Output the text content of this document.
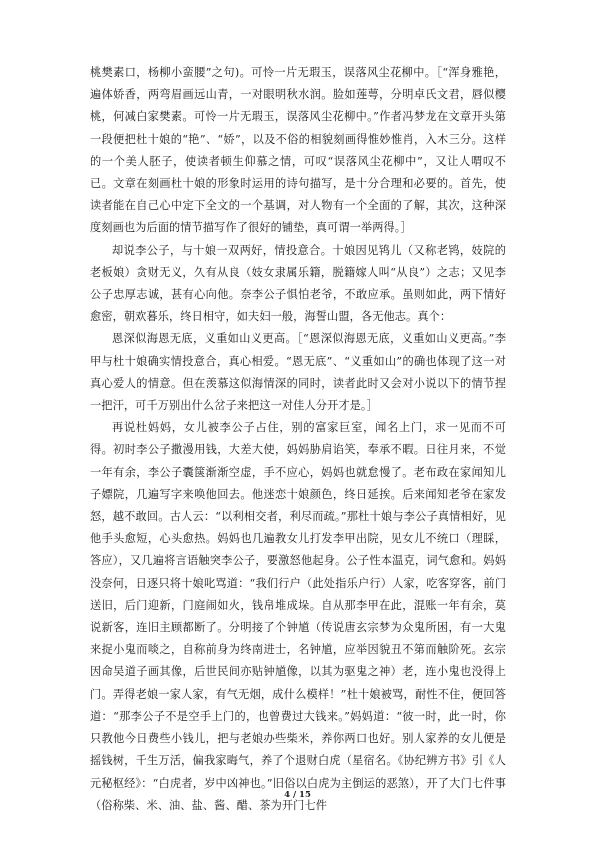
桃樊素口，杨柳小蛮腰”之句)。可怜一片无瑕玉，误落风尘花柳中。［“浑身雅艳，遍体娇香，两弯眉画远山青，一对眼明秋水润。脸如莲萼，分明卓氏文君，唇似樱桃，何减白家樊素。可怜一片无瑕玉，误落风尘花柳中。”作者冯梦龙在文章开头第一段便把杜十娘的“艳”、“娇”，以及不俗的相貌刻画得惟妙惟肖，入木三分。这样的一个美人胚子，使读者顿生仰慕之情，可叹“误落风尘花柳中”，又让人喟叹不已。文章在刻画杜十娘的形象时运用的诗句描写，是十分合理和必要的。首先，使读者能在自己心中定下全文的一个基调，对人物有一个全面的了解，其次，这种深度刻画也为后面的情节描写作了很好的铺垫，真可谓一举两得。］

却说李公子，与十娘一双两好，情投意合。十娘因见鸨儿（又称老鸨，妓院的老板娘）贪财无义，久有从良（妓女隶属乐籍，脱籍嫁人叫“从良”）之志；又见李公子忠厚志诚，甚有心向他。奈李公子惧怕老爷，不敢应承。虽则如此，两下情好愈密，朝欢暮乐，终日相守，如夫妇一般，海誓山盟，各无他志。真个：

恩深似海恩无底，义重如山义更高。［“恩深似海恩无底，义重如山义更高。”李甲与杜十娘确实情投意合，真心相爱。“恩无底”、“义重如山”的确也体现了这一对真心爱人的情意。但在羡慕这似海情深的同时，读者此时又会对小说以下的情节捏一把汗，可千万别出什么岔子来把这一对佳人分开才是。］

再说杜妈妈，女儿被李公子占住，别的富家巨室，闻名上门，求一见而不可得。初时李公子撒漫用钱，大差大使，妈妈胁肩谄笑，奉承不暇。日往月来，不觉一年有余，李公子囊箧渐渐空虚，手不应心，妈妈也就怠慢了。老布政在家闻知儿子嫖院，几遍写字来唤他回去。他迷恋十娘颜色，终日延挨。后来闻知老爷在家发怒，越不敢回。古人云：“以利相交者，利尽而疏。”那杜十娘与李公子真情相好，见他手头愈短，心头愈热。妈妈也几遍教女儿打发李甲出院，见女儿不统口（理睬，答应），又几遍将言语触突李公子，要激怒他起身。公子性本温克，词气愈和。妈妈没奈何，日逐只将十娘叱骂道：“我们行户（此处指乐户行）人家，吃客穿客，前门送旧，后门迎新，门庭闹如火，钱帛堆成垛。自从那李甲在此，混账一年有余，莫说新客，连旧主顾都断了。分明接了个钟馗（传说唐玄宗梦为众鬼所困，有一大鬼来捉小鬼而啖之，自称前身为终南进士，名钟馗，应举因貌丑不第而触阶死。玄宗因命吴道子画其像，后世民间亦贴钟馗像，以其为驱鬼之神）老，连小鬼也没得上门。弄得老娘一家人家，有气无烟，成什么模样！”杜十娘被骂，耐性不住，便回答道：“那李公子不是空手上门的，也曾费过大钱来。”妈妈道：“彼一时，此一时，你只教他今日费些小钱儿，把与老娘办些柴米，养你两口也好。别人家养的女儿便是摇钱树，千生万活，偏我家晦气，养了个退财白虎（星宿名。《协纪辨方书》引《人元秘枢经》：“白虎者，岁中凶神也。”旧俗以白虎为主倒运的恶煞），开了大门七件事（俗称柴、米、油、盐、酱、醋、茶为开门七件

4 / 15
